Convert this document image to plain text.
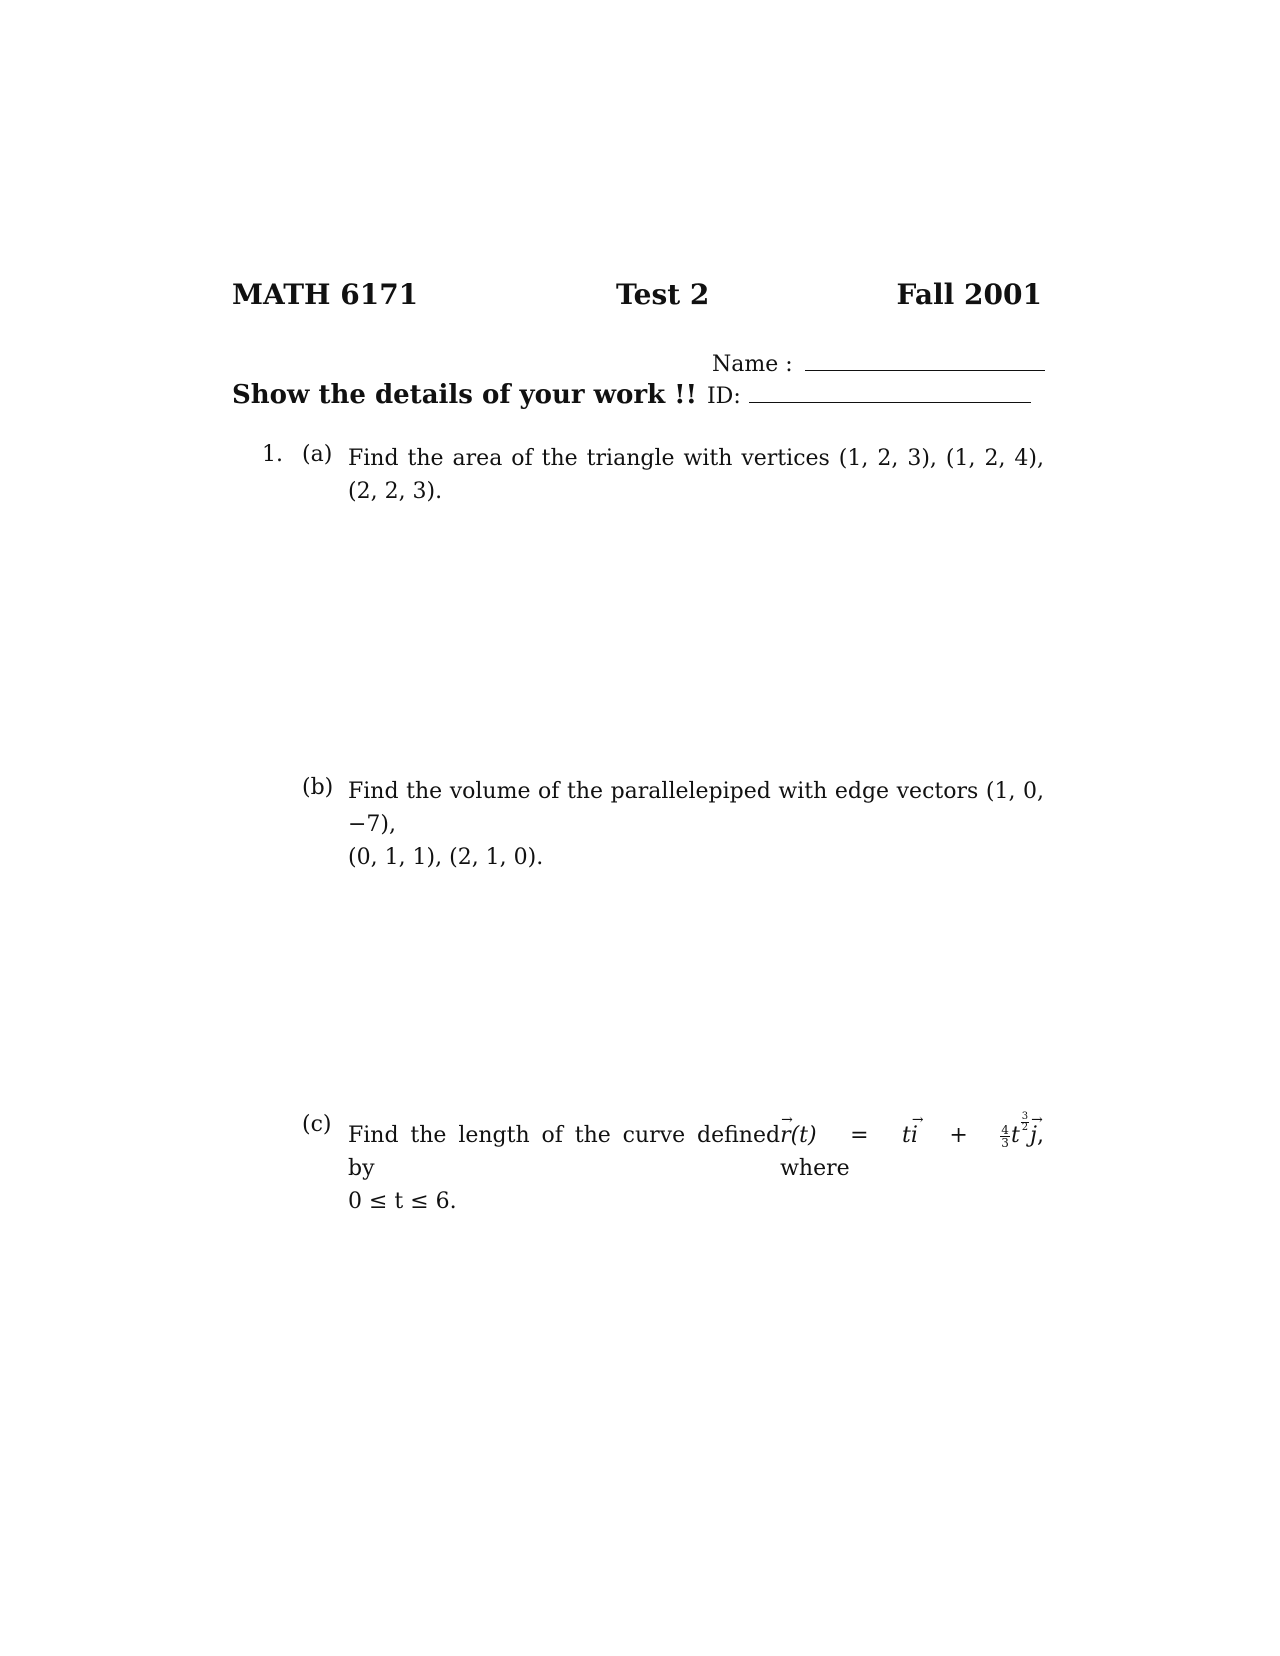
MATH 6171	Test 2	Fall 2001
Name :
Show the details of your work !! ID:
1. (a) Find the area of the triangle with vertices (1, 2, 3), (1, 2, 4), (2, 2, 3).
(b) Find the volume of the parallelepiped with edge vectors (1, 0, −7),
(0, 1, 1), (2, 1, 0).
(c) Find the length of the curve defined by
r(t) → = ti → +	$\frac{4}{3}$ t
$\frac{3}{2}$
j →, where
0 ≤ t ≤ 6.
